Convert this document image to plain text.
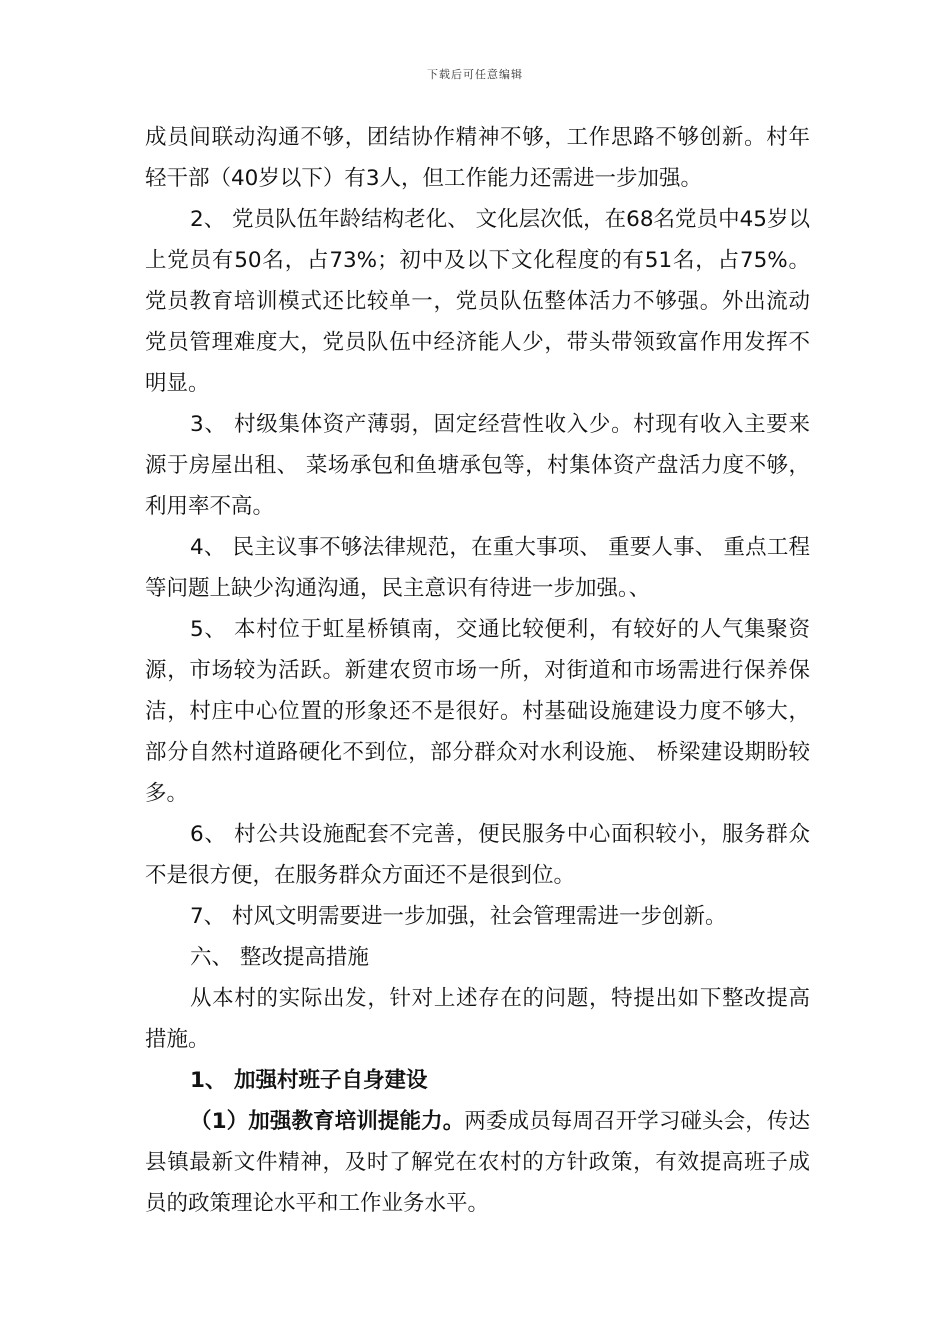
下载后可任意编辑

成员间联动沟通不够，团结协作精神不够，工作思路不够创新。村年轻干部（40岁以下）有3人，但工作能力还需进一步加强。

2、 党员队伍年龄结构老化、 文化层次低，在68名党员中45岁以上党员有50名，占73%；初中及以下文化程度的有51名，占75%。党员教育培训模式还比较单一，党员队伍整体活力不够强。外出流动党员管理难度大，党员队伍中经济能人少，带头带领致富作用发挥不明显。

3、 村级集体资产薄弱，固定经营性收入少。村现有收入主要来源于房屋出租、 菜场承包和鱼塘承包等，村集体资产盘活力度不够，利用率不高。

4、 民主议事不够法律规范，在重大事项、 重要人事、 重点工程等问题上缺少沟通沟通，民主意识有待进一步加强。、

5、 本村位于虹星桥镇南，交通比较便利，有较好的人气集聚资源，市场较为活跃。新建农贸市场一所，对街道和市场需进行保养保洁，村庄中心位置的形象还不是很好。村基础设施建设力度不够大，部分自然村道路硬化不到位，部分群众对水利设施、 桥梁建设期盼较多。

6、 村公共设施配套不完善，便民服务中心面积较小，服务群众不是很方便，在服务群众方面还不是很到位。

7、 村风文明需要进一步加强，社会管理需进一步创新。

六、 整改提高措施

从本村的实际出发，针对上述存在的问题，特提出如下整改提高措施。

1、 加强村班子自身建设

（1）加强教育培训提能力。两委成员每周召开学习碰头会，传达县镇最新文件精神，及时了解党在农村的方针政策，有效提高班子成员的政策理论水平和工作业务水平。
